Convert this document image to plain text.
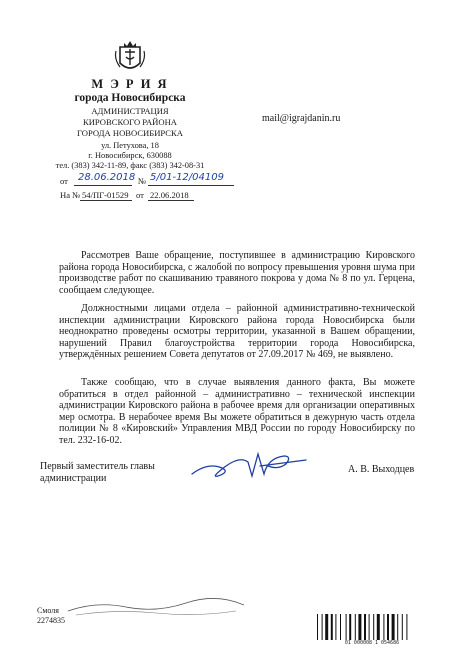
М Э Р И Я
города Новосибирска
АДМИНИСТРАЦИЯ
КИРОВСКОГО РАЙОНА
ГОРОДА НОВОСИБИРСКА
ул. Петухова, 18
г. Новосибирск, 630088
тел. (383) 342-11-89, факс (383) 342-08-31
mail@igrajdanin.ru
от 28.06.2018 № 5/01-12/04109
На № 54/ПГ-01529 от 22.06.2018
Рассмотрев Ваше обращение, поступившее в администрацию Кировского района города Новосибирска, с жалобой по вопросу превышения уровня шума при производстве работ по скашиванию травяного покрова у дома № 8 по ул. Герцена, сообщаем следующее.
Должностными лицами отдела – районной административно-технической инспекции администрации Кировского района города Новосибирска были неоднократно проведены осмотры территории, указанной в Вашем обращении, нарушений Правил благоустройства территории города Новосибирска, утверждённых решением Совета депутатов от 27.09.2017 № 469, не выявлено.
Также сообщаю, что в случае выявления данного факта, Вы можете обратиться в отдел районной – административно – технической инспекции администрации Кировского района в рабочее время для организации оперативных мер осмотра. В нерабочее время Вы можете обратиться в дежурную часть отдела полиции № 8 «Кировский» Управления МВД России по городу Новосибирску по тел. 232-16-02.
Первый заместитель главы
администрации
А. В. Выходцев
Смоля
2274835
01 000008 1 054686
